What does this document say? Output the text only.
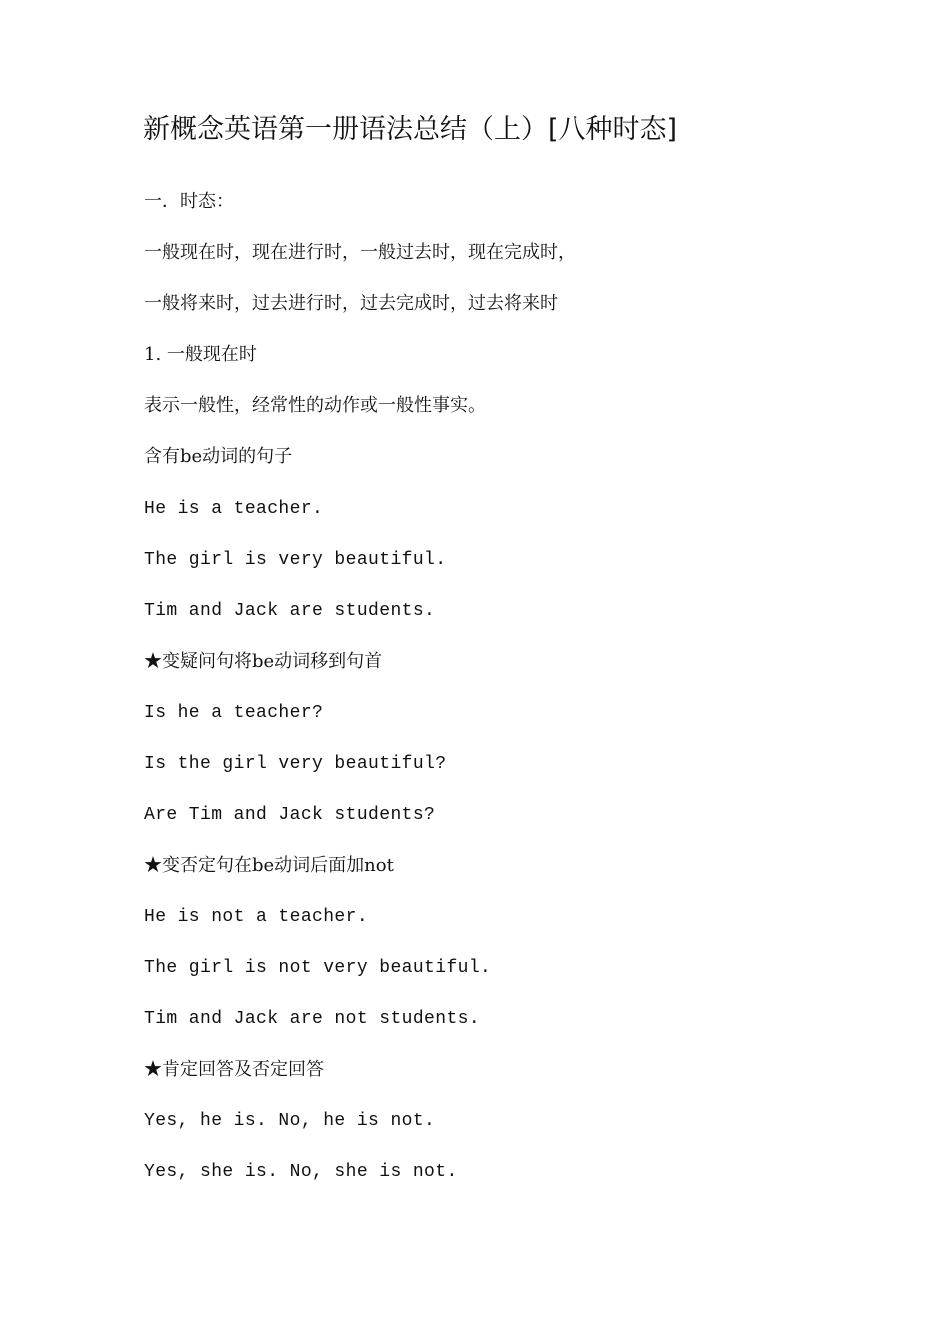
新概念英语第一册语法总结（上）[八种时态]
一．时态：
一般现在时，现在进行时，一般过去时，现在完成时，
一般将来时，过去进行时，过去完成时，过去将来时
1. 一般现在时
表示一般性，经常性的动作或一般性事实。
含有be动词的句子
He is a teacher.
The girl is very beautiful.
Tim and Jack are students.
★变疑问句将be动词移到句首
Is he a teacher?
Is the girl very beautiful?
Are Tim and Jack students?
★变否定句在be动词后面加not
He is not a teacher.
The girl is not very beautiful.
Tim and Jack are not students.
★肯定回答及否定回答
Yes, he is. No, he is not.
Yes, she is. No, she is not.
